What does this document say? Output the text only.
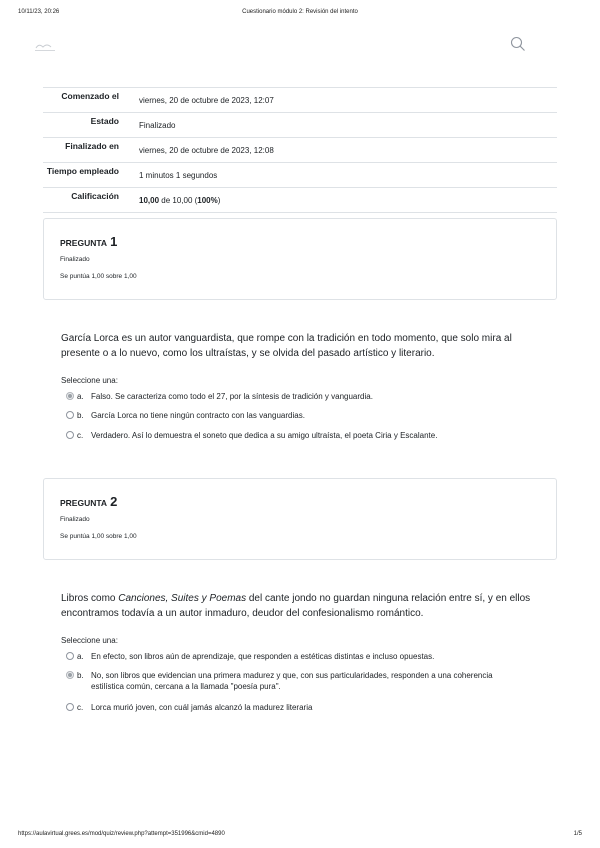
10/11/23, 20:26	Cuestionario módulo 2: Revisión del intento
Comenzado el	viernes, 20 de octubre de 2023, 12:07
Estado	Finalizado
Finalizado en	viernes, 20 de octubre de 2023, 12:08
Tiempo empleado	1 minutos 1 segundos
Calificación	10,00 de 10,00 (100%)
PREGUNTA 1
Finalizado
Se puntúa 1,00 sobre 1,00
García Lorca es un autor vanguardista, que rompe con la tradición en todo momento, que solo mira al presente o a lo nuevo, como los ultraístas, y se olvida del pasado artístico y literario.
Seleccione una:
a. Falso. Se caracteriza como todo el 27, por la síntesis de tradición y vanguardia.
b. García Lorca no tiene ningún contracto con las vanguardias.
c. Verdadero. Así lo demuestra el soneto que dedica a su amigo ultraísta, el poeta Ciria y Escalante.
PREGUNTA 2
Finalizado
Se puntúa 1,00 sobre 1,00
Libros como Canciones, Suites y Poemas del cante jondo no guardan ninguna relación entre sí, y en ellos encontramos todavía a un autor inmaduro, deudor del confesionalismo romántico.
Seleccione una:
a. En efecto, son libros aún de aprendizaje, que responden a estéticas distintas e incluso opuestas.
b. No, son libros que evidencian una primera madurez y que, con sus particularidades, responden a una coherencia estilística común, cercana a la llamada "poesía pura".
c. Lorca murió joven, con cuál jamás alcanzó la madurez literaria
https://aulavirtual.grees.es/mod/quiz/review.php?attempt=351996&cmid=4890	1/5
